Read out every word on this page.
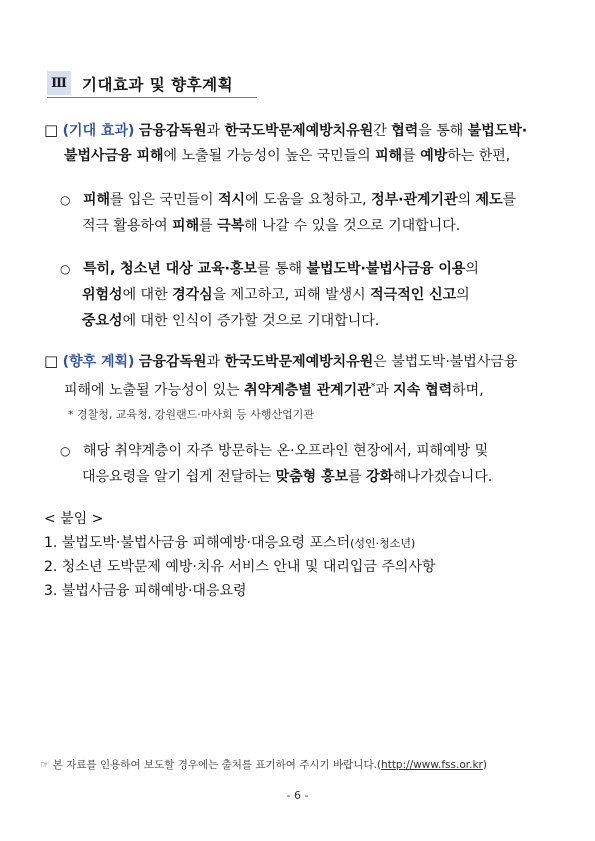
Ⅲ 기대효과 및 향후계획
□ (기대 효과) 금융감독원과 한국도박문제예방치유원간 협력을 통해 불법도박·
불법사금융 피해에 노출될 가능성이 높은 국민들의 피해를 예방하는 한편,
○ 피해를 입은 국민들이 적시에 도움을 요청하고, 정부·관계기관의 제도를
적극 활용하여 피해를 극복해 나갈 수 있을 것으로 기대합니다.
○ 특히, 청소년 대상 교육·홍보를 통해 불법도박·불법사금융 이용의
위험성에 대한 경각심을 제고하고, 피해 발생시 적극적인 신고의
중요성에 대한 인식이 증가할 것으로 기대합니다.
□ (향후 계획) 금융감독원과 한국도박문제예방치유원은 불법도박·불법사금융
피해에 노출될 가능성이 있는 취약계층별 관계기관*과 지속 협력하며,
* 경찰청, 교육청, 강원랜드·마사회 등 사행산업기관
○ 해당 취약계층이 자주 방문하는 온·오프라인 현장에서, 피해예방 및
대응요령을 알기 쉽게 전달하는 맞춤형 홍보를 강화해나가겠습니다.
< 붙임 >
1. 불법도박·불법사금융 피해예방·대응요령 포스터(성인·청소년)
2. 청소년 도박문제 예방·치유 서비스 안내 및 대리입금 주의사항
3. 불법사금융 피해예방·대응요령
☞ 본 자료를 인용하여 보도할 경우에는 출처를 표기하여 주시기 바랍니다.(http://www.fss.or.kr)
- 6 -
